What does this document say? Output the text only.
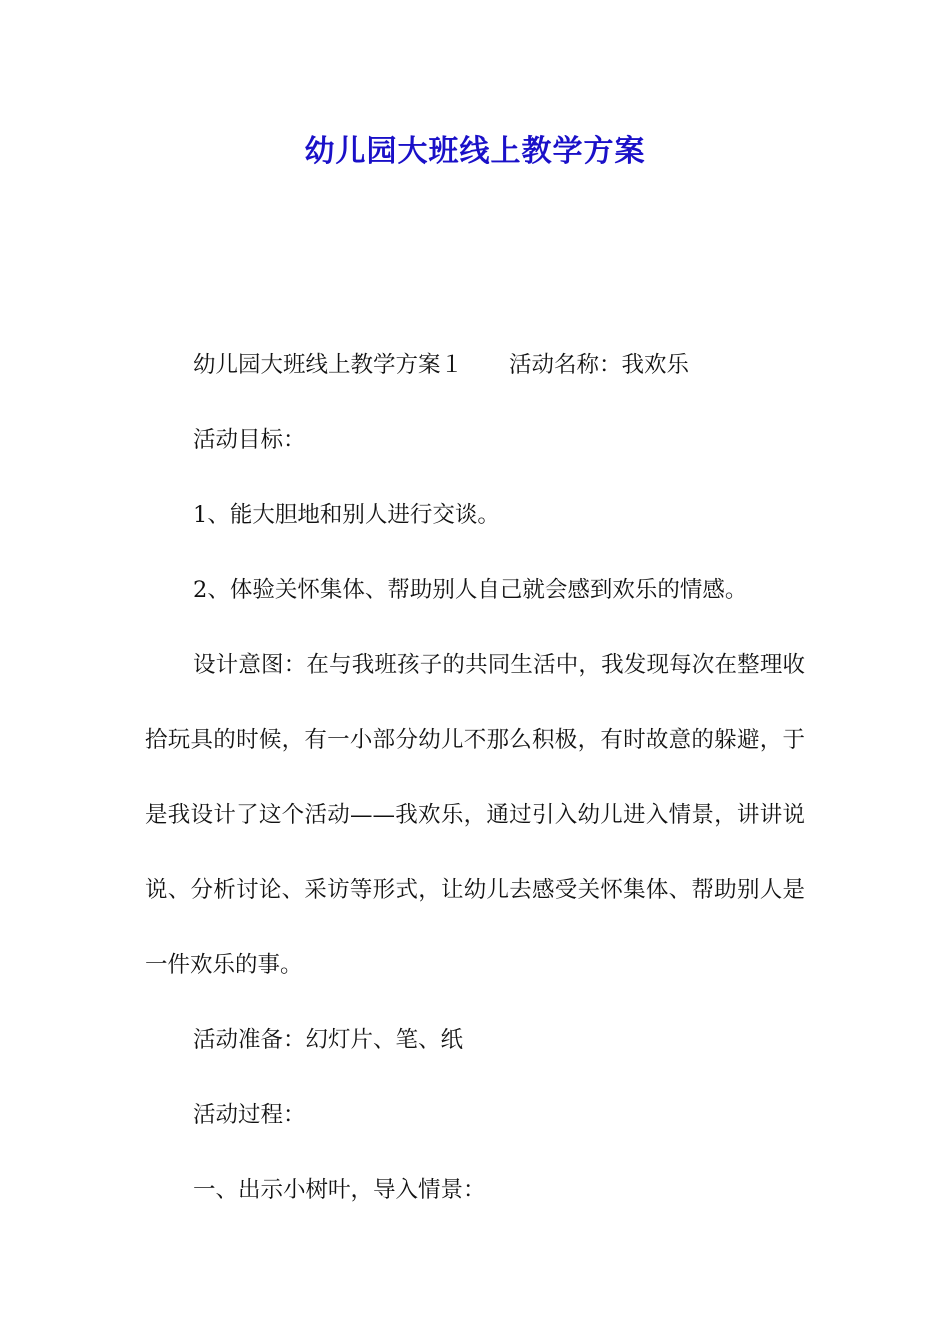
幼儿园大班线上教学方案

幼儿园大班线上教学方案１ 活动名称：我欢乐

活动目标：

1、能大胆地和别人进行交谈。

2、体验关怀集体、帮助别人自己就会感到欢乐的情感。

设计意图：在与我班孩子的共同生活中，我发现每次在整理收拾玩具的时候，有一小部分幼儿不那么积极，有时故意的躲避，于是我设计了这个活动——我欢乐，通过引入幼儿进入情景，讲讲说说、分析讨论、采访等形式，让幼儿去感受关怀集体、帮助别人是一件欢乐的事。

活动准备：幻灯片、笔、纸

活动过程：

一、出示小树叶，导入情景：
